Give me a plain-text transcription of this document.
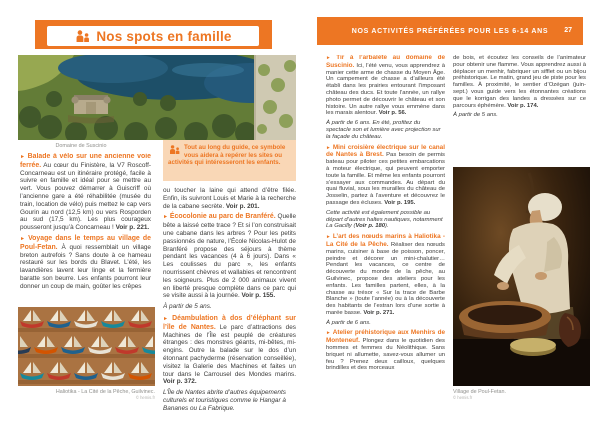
Nos spots en famille
Domaine de Suscinio	Tout au long du guide, ce symbole vous aidera à repérer les sites ou activités qui intéresseront les enfants.

► Balade à vélo sur une ancienne voie ferrée. Au cœur du Finistère, la V7 Roscoff-Concarneau est un itinéraire protégé, facile à suivre en famille et idéal pour se mettre au vert. Vous pouvez démarrer à Guiscriff où l’ancienne gare a été réhabilitée (musée du train, location de vélo) puis mettez le cap vers Gourin au nord (12,5 km) ou vers Rosporden au sud (17,5 km). Les plus courageux pousseront jusqu’à Concarneau ! Voir p. 221.

► Voyage dans le temps au village de Poul-Fetan. À quoi ressemblait un village breton autrefois ? Sans doute à ce hameau restauré sur les bords du Blavet. L’été, les lavandières lavent leur linge et la fermière baratte son beurre. Les enfants pourront leur donner un coup de main, goûter les crêpes

ou toucher la laine qui attend d’être filée. Enfin, ils suivront Louis et Marie à la recherche de la cabane secrète. Voir p. 201.

► Écocolonie au parc de Branféré. Quelle bête a laissé cette trace ? Et si l’on construisait une cabane dans les arbres ? Pour les petits passionnés de nature, l’École Nicolas-Hulot de Branféré propose des séjours à thème pendant les vacances (4 à 6 jours). Dans « Les coulisses du parc », les enfants nourrissent chèvres et wallabies et rencontrent les soigneurs. Plus de 2 000 animaux vivent en liberté presque complète dans ce parc qui se visite aussi à la journée. Voir p. 155.

À partir de 5 ans.

► Déambulation à dos d’éléphant sur l’île de Nantes. Le parc d’attractions des Machines de l’Île est peuplé de créatures étranges : des monstres géants, mi-bêtes, mi-engins. Outre la balade sur le dos d’un étonnant pachyderme (réservation conseillée), visitez la Galerie des Machines et faites un tour dans le Carrousel des Mondes marins. Voir p. 372.

L’Île de Nantes abrite d’autres équipements culturels et touristiques comme le Hangar à Bananes ou La Fabrique.

Haliotika - La Cité de la Pêche, Guilvinec.
© hemis.fr
NOS ACTIVITÉS PRÉFÉRÉES POUR LES 6-14 ANS 27

► Tir à l’arbalète au domaine de Suscinio. Ici, l’été venu, vous apprendrez à manier cette arme de chasse du Moyen Âge. Un campement de chasse a d’ailleurs été établi dans les prairies entourant l’imposant château des ducs. Et toute l’année, un rallye photo permet de découvrir le château et son histoire. Un autre rallye vous emmène dans les marais alentour. Voir p. 56.

À partir de 6 ans. En été, profitez du spectacle son et lumière avec projection sur la façade du château.

► Mini croisière électrique sur le canal de Nantes à Brest. Pas besoin de permis bateau pour piloter ces petites embarcations à moteur électrique, qui peuvent emporter toute la famille. Et même les enfants pourront s’essayer aux commandes. Au départ du quai fluvial, sous les murailles du château de Josselin, partez à l’aventure et découvrez le passage des écluses. Voir p. 195.

Cette activité est également possible au départ d’autres haltes nautiques, notamment La Gacilly (Voir p. 180).

► L’art des nœuds marins à Haliotika - La Cité de la Pêche. Réaliser des nœuds marins, cuisiner à base de poisson, poncer, peindre et décorer un mini-chalutier… Pendant les vacances, ce centre de découverte du monde de la pêche, au Guilvinec, propose des ateliers pour les enfants. Les familles partent, elles, à la chasse au trésor « Sur la trace de Barbe Blanche » (toute l’année) ou à la découverte des habitants de l’estran lors d’une sortie à marée basse. Voir p. 271.

À partir de 6 ans.

► Atelier préhistorique aux Menhirs de Monteneuf. Plongez dans le quotidien des hommes et femmes du Néolithique. Sans briquet ni allumette, savez-vous allumer un feu ? Prenez deux cailloux, quelques brindilles et des morceaux

de bois, et écoutez les conseils de l’animateur pour obtenir une flamme. Vous apprendrez aussi à déplacer un menhir, fabriquer un sifflet ou un bijou préhistorique. Le matin, grand jeu de piste pour les familles. À proximité, le sentier d’Ozégan (juin-sept.) vous guide vers les étonnantes créations que le korrigan des landes a dressées sur ce parcours éphémère. Voir p. 174.

À partir de 5 ans.

Village de Poul-Fetan.
© hemis.fr
